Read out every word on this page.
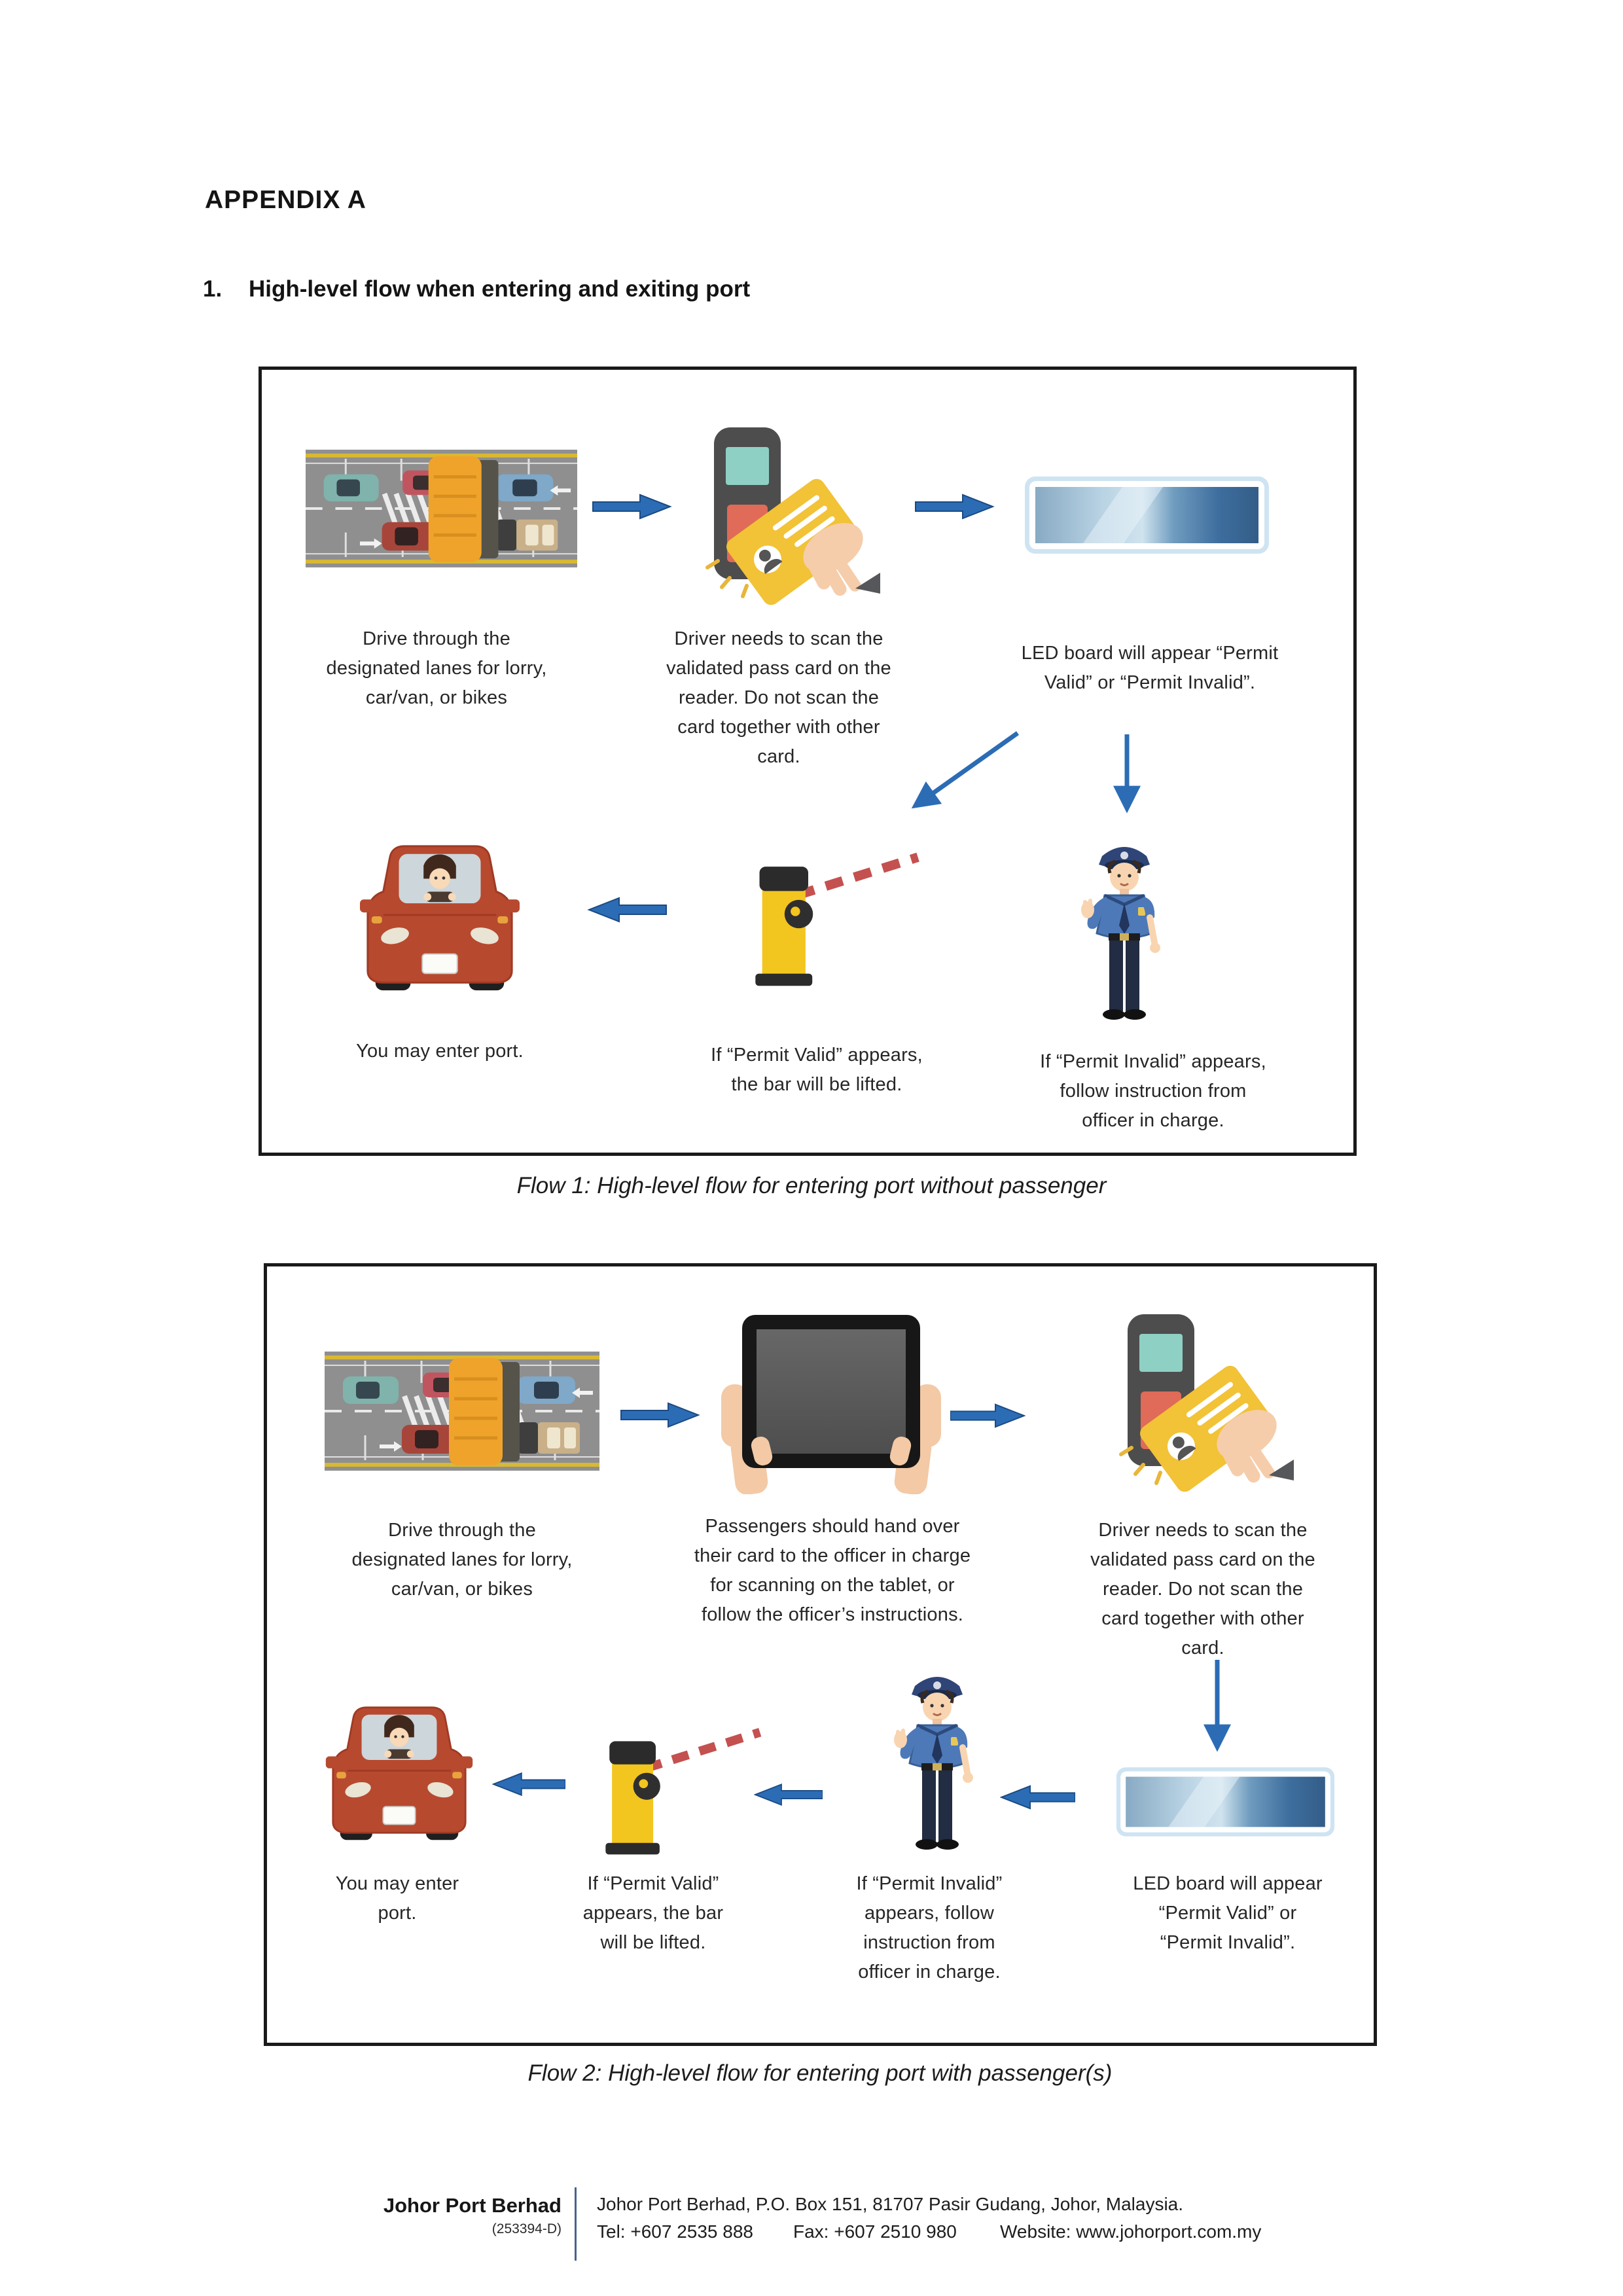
APPENDIX A
1. High-level flow when entering and exiting port
Drive through the
designated lanes for lorry,
car/van, or bikes
Driver needs to scan the
validated pass card on the
reader. Do not scan the
card together with other
card.
LED board will appear “Permit
Valid” or “Permit Invalid”.
You may enter port.	If “Permit Valid” appears,
the bar will be lifted.
If “Permit Invalid” appears,
follow instruction from
officer in charge.
Flow 1: High-level flow for entering port without passenger
Drive through the
designated lanes for lorry,
car/van, or bikes
Passengers should hand over
their card to the officer in charge
for scanning on the tablet, or
follow the officer’s instructions.
Driver needs to scan the
validated pass card on the
reader. Do not scan the
card together with other
card.
You may enter
port.
If “Permit Valid”
appears, the bar
will be lifted.
If “Permit Invalid”
appears, follow
instruction from
officer in charge.
LED board will appear
“Permit Valid” or
“Permit Invalid”.
Flow 2: High-level flow for entering port with passenger(s)
Johor Port Berhad
(253394-D)
Johor Port Berhad, P.O. Box 151, 81707 Pasir Gudang, Johor, Malaysia.
Tel: +607 2535 888 Fax: +607 2510 980 Website: www.johorport.com.my
